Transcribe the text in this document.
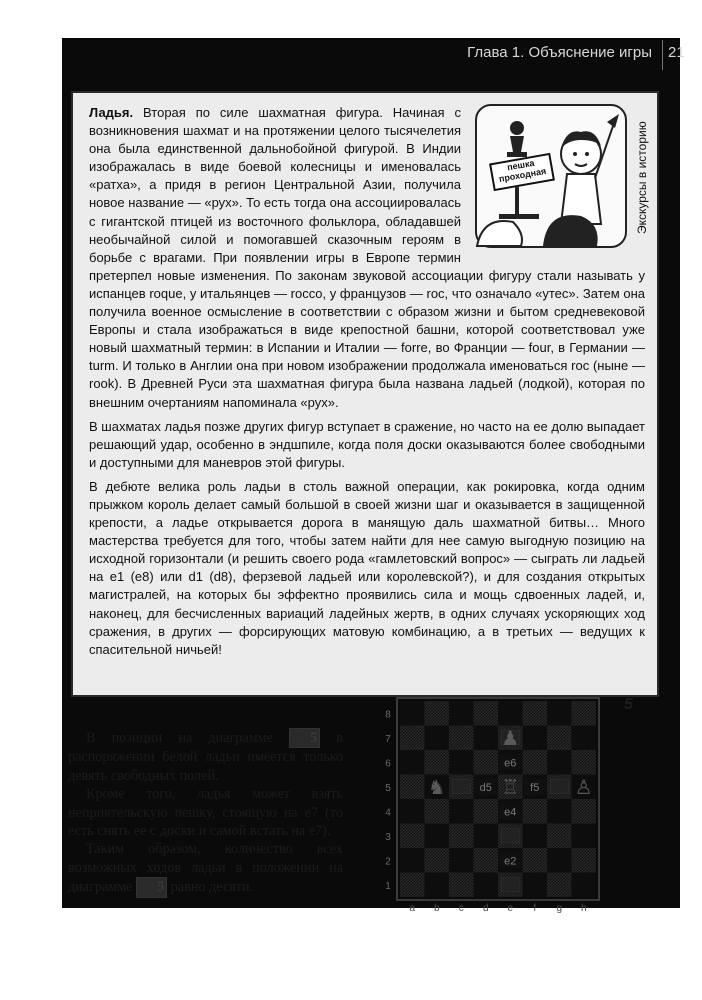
Глава 1. Объяснение игры 21
пешка проходная	Экскурсы в историю

Ладья. Вторая по силе шахматная фигура. Начиная с возникновения шахмат и на протяжении целого тысячелетия она была единственной дальнобойной фигурой. В Индии изображалась в виде боевой колесницы и именовалась «ратха», а придя в регион Центральной Азии, получила новое название — «рух». То есть тогда она ассоциировалась с гигантской птицей из восточного фольклора, обладавшей необычайной силой и помогавшей сказочным героям в борьбе с врагами. При появлении игры в Европе термин претерпел новые изменения. По законам звуковой ассоциации фигуру стали называть у испанцев roque, у итальянцев — rocco, у французов — roc, что означало «утес». Затем она получила военное осмысление в соответствии с образом жизни и бытом средневековой Европы и стала изображаться в виде крепостной башни, которой соответствовал уже новый шахматный термин: в Испании и Италии — forre, во Франции — four, в Германии — turm. И только в Англии она при новом изображении продолжала именоваться roc (ныне — rook). В Древней Руси эта шахматная фигура была названа ладьей (лодкой), которая по внешним очертаниям напоминала «рух».

В шахматах ладья позже других фигур вступает в сражение, но часто на ее долю выпадает решающий удар, особенно в эндшпиле, когда поля доски оказываются более свободными и доступными для маневров этой фигуры.

В дебюте велика роль ладьи в столь важной операции, как рокировка, когда одним прыжком король делает самый большой в своей жизни шаг и оказывается в защищенной крепости, а ладье открывается дорога в манящую даль шахматной битвы… Много мастерства требуется для того, чтобы затем найти для нее самую выгодную позицию на исходной горизонтали (и решить своего рода «гамлетовский вопрос» — сыграть ли ладьей на e1 (e8) или d1 (d8), ферзевой ладьей или королевской?), и для создания открытых магистралей, на которых бы эффектно проявились сила и мощь сдвоенных ладей, и, наконец, для бесчисленных вариаций ладейных жертв, в одних случаях ускоряющих ход сражения, в других — форсирующих матовую комбинацию, а в третьих — ведущих к спасительной ничьей!

В позиции на диаграмме 5 в распоряжении белой ладьи имеется только девять свободных полей.

Кроме того, ладья может взять неприятельскую пешку, стоящую на е7 (то есть снять ее с доски и самой встать на е7).

Таким образом, количество всех возможных ходов ладьи в положении на диаграмме 5 равно десяти.

5
8
7
6
5
4
3
2
1
a b c d e f g h
e6
d5	f5
e4
e2
♟
♞	♖	♙
